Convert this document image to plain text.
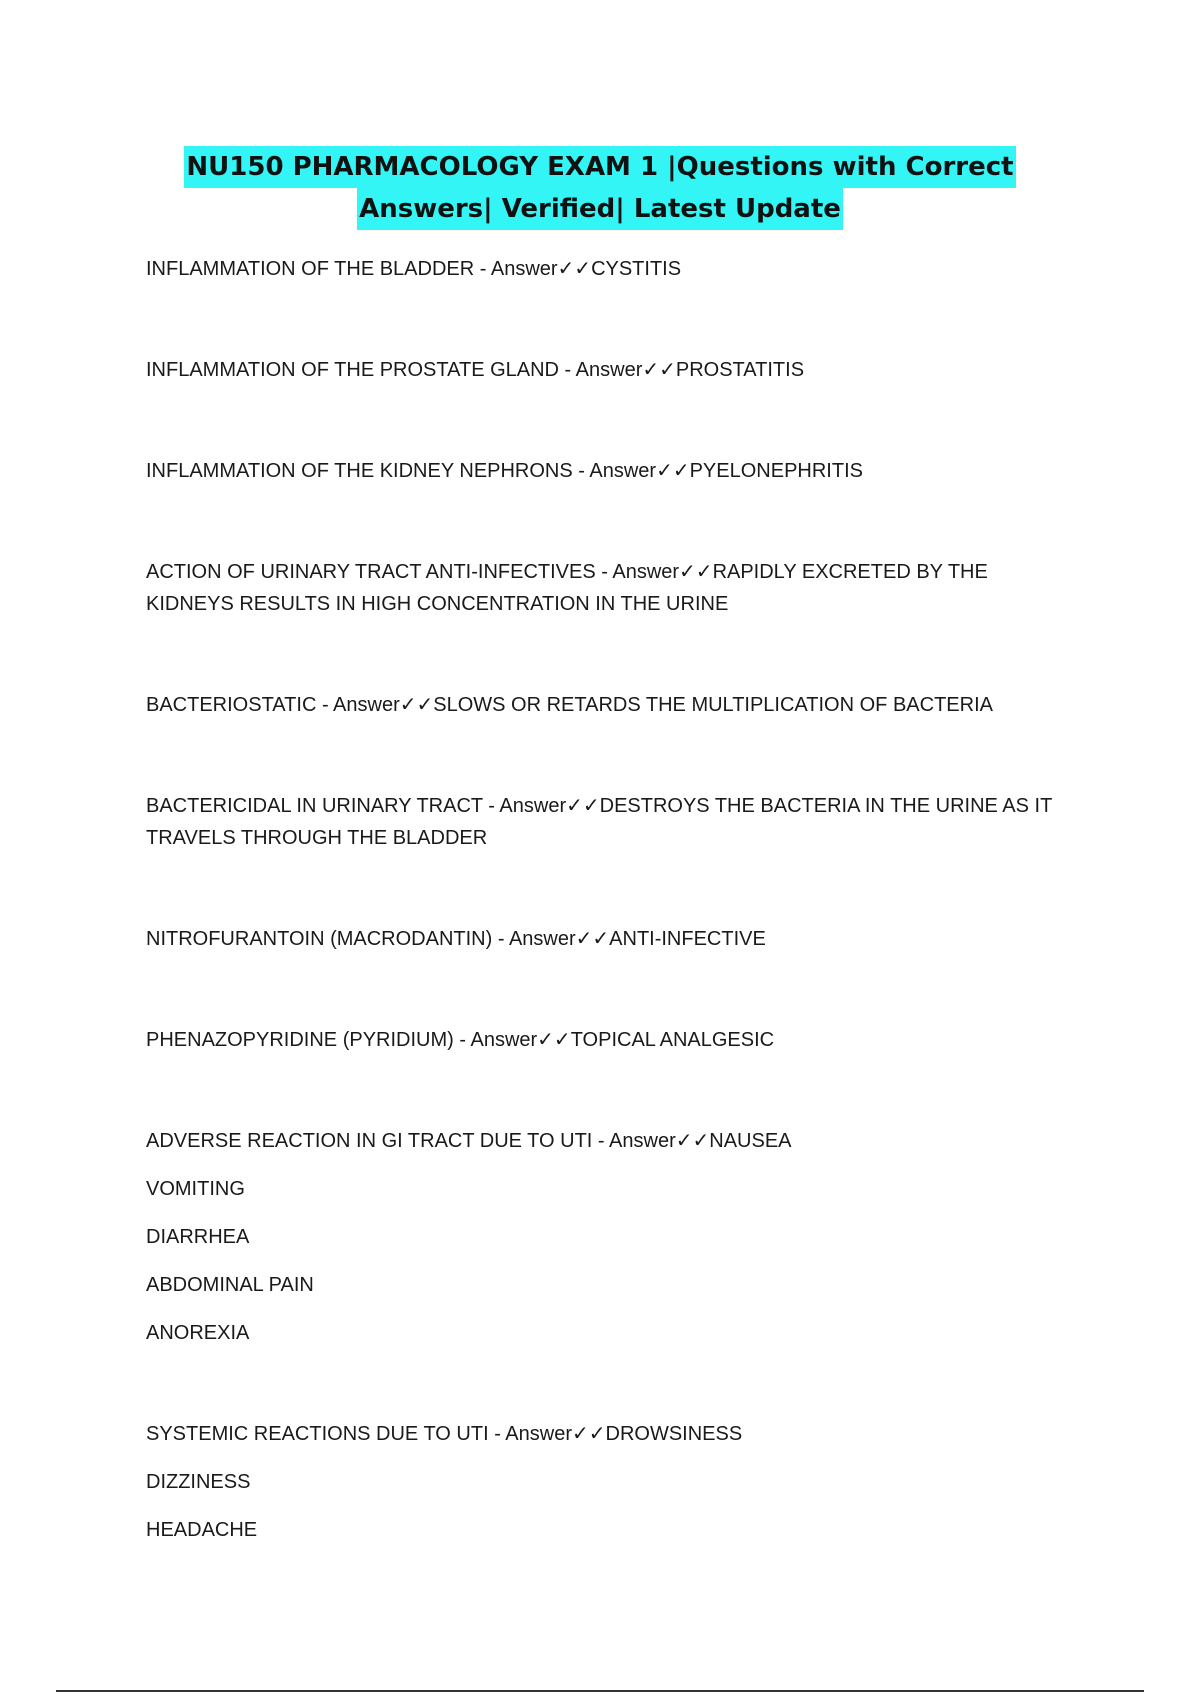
NU150 PHARMACOLOGY EXAM 1 |Questions with Correct
Answers| Verified| Latest Update
INFLAMMATION OF THE BLADDER - Answer✓✓CYSTITIS
INFLAMMATION OF THE PROSTATE GLAND - Answer✓✓PROSTATITIS
INFLAMMATION OF THE KIDNEY NEPHRONS - Answer✓✓PYELONEPHRITIS
ACTION OF URINARY TRACT ANTI-INFECTIVES - Answer✓✓RAPIDLY EXCRETED BY THE KIDNEYS RESULTS IN HIGH CONCENTRATION IN THE URINE
BACTERIOSTATIC - Answer✓✓SLOWS OR RETARDS THE MULTIPLICATION OF BACTERIA
BACTERICIDAL IN URINARY TRACT - Answer✓✓DESTROYS THE BACTERIA IN THE URINE AS IT TRAVELS THROUGH THE BLADDER
NITROFURANTOIN (MACRODANTIN) - Answer✓✓ANTI-INFECTIVE
PHENAZOPYRIDINE (PYRIDIUM) - Answer✓✓TOPICAL ANALGESIC
ADVERSE REACTION IN GI TRACT DUE TO UTI - Answer✓✓NAUSEA
VOMITING
DIARRHEA
ABDOMINAL PAIN
ANOREXIA
SYSTEMIC REACTIONS DUE TO UTI - Answer✓✓DROWSINESS
DIZZINESS
HEADACHE
